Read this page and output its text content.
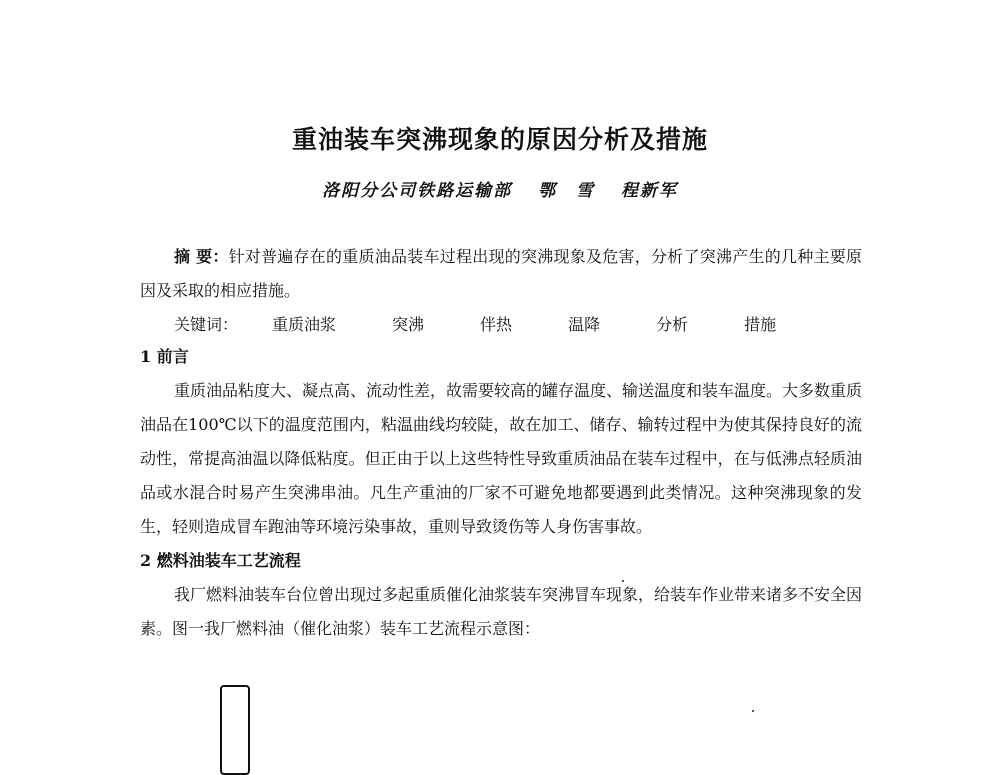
重油装车突沸现象的原因分析及措施
洛阳分公司铁路运输部 鄂　雪 程新军

摘 要：针对普遍存在的重质油品装车过程出现的突沸现象及危害，分析了突沸产生的几种主要原因及采取的相应措施。

关键词： 重质油浆	突沸	伴热	温降	分析	措施

1 前言

重质油品粘度大、凝点高、流动性差，故需要较高的罐存温度、输送温度和装车温度。大多数重质油品在100℃以下的温度范围内，粘温曲线均较陡，故在加工、储存、输转过程中为使其保持良好的流动性，常提高油温以降低粘度。但正由于以上这些特性导致重质油品在装车过程中，在与低沸点轻质油品或水混合时易产生突沸串油。凡生产重油的厂家不可避免地都要遇到此类情况。这种突沸现象的发生，轻则造成冒车跑油等环境污染事故，重则导致烫伤等人身伤害事故。

2 燃料油装车工艺流程

我厂燃料油装车台位曾出现过多起重质催化油浆装车突沸冒车现象，给装车作业带来诸多不安全因素。图一我厂燃料油（催化油浆）装车工艺流程示意图：
